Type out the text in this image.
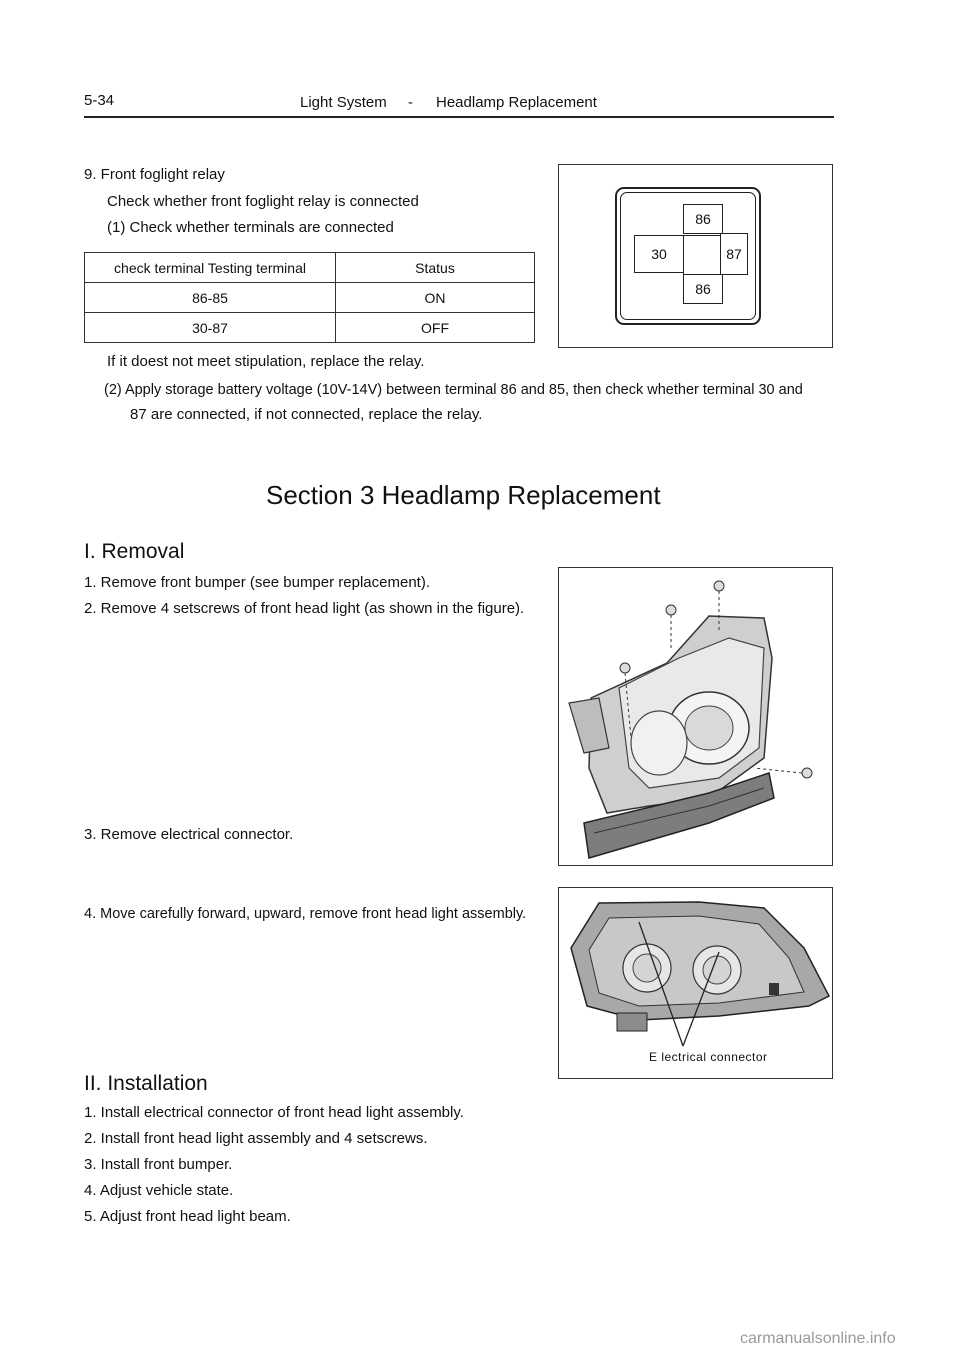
5-34	Light System - Headlamp Replacement
9. Front foglight relay
Check whether front foglight relay is connected
(1) Check whether terminals are connected
check terminal Testing terminal	Status
86-85	ON
30-87	OFF
If it doest not meet stipulation, replace the relay.
(2) Apply storage battery voltage (10V-14V) between terminal 86 and 85, then check whether terminal 30 and
87 are connected, if not connected, replace the relay.
86
30	87
86
Section 3 Headlamp Replacement
I. Removal
1. Remove front bumper (see bumper replacement).
2. Remove 4 setscrews of front head light (as shown in the figure).
3. Remove electrical connector.
4. Move carefully forward, upward, remove front head light assembly.
E lectrical connector
II. Installation
1. Install electrical connector of front head light assembly.
2. Install front head light assembly and 4 setscrews.
3. Install front bumper.
4. Adjust vehicle state.
5. Adjust front head light beam.
carmanualsonline.info
